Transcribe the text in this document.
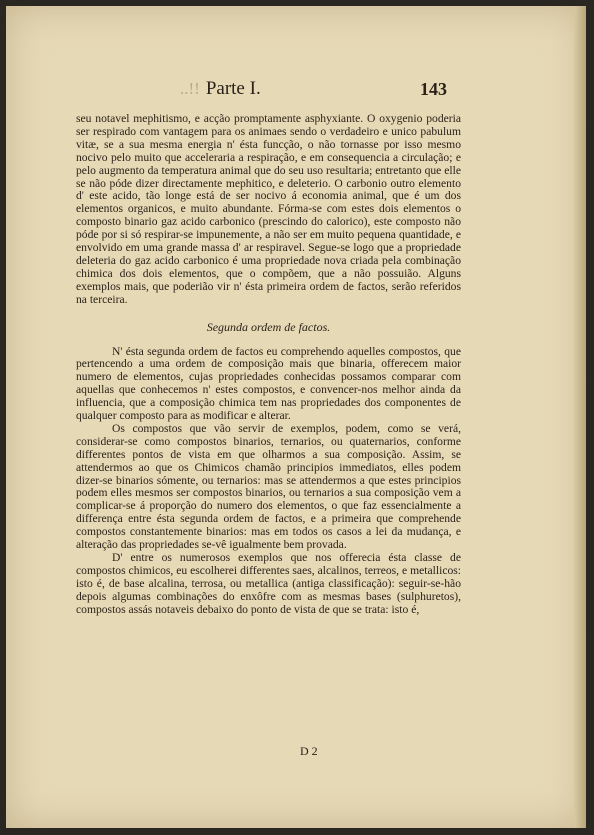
..!! Parte I.	143

seu notavel mephitismo, e acção promptamente asphyxiante. O oxygenio poderia ser respirado com vantagem para os animaes sendo o verdadeiro e unico pabulum vitæ, se a sua mesma energia n' ésta funcção, o não tornasse por isso mesmo nocivo pelo muito que acceleraria a respiração, e em consequencia a circulação; e pelo augmento da temperatura animal que do seu uso resultaria; entretanto que elle se não póde dizer directamente mephitico, e deleterio. O carbonio outro elemento d' este acido, tão longe está de ser nocivo á economia animal, que é um dos elementos organicos, e muito abundante. Fórma-se com estes dois elementos o composto binario gaz acido carbonico (prescindo do calorico), este composto não póde por si só respirar-se impunemente, a não ser em muito pequena quantidade, e envolvido em uma grande massa d' ar respiravel. Segue-se logo que a propriedade deleteria do gaz acido carbonico é uma propriedade nova criada pela combinação chimica dos dois elementos, que o compõem, que a não possuião. Alguns exemplos mais, que poderião vir n' ésta primeira ordem de factos, serão referidos na terceira.

Segunda ordem de factos.

N' ésta segunda ordem de factos eu comprehendo aquelles compostos, que pertencendo a uma ordem de composição mais que binaria, offerecem maior numero de elementos, cujas propriedades conhecidas possamos comparar com aquellas que conhecemos n' estes compostos, e convencer-nos melhor ainda da influencia, que a composição chimica tem nas propriedades dos componentes de qualquer composto para as modificar e alterar.

Os compostos que vão servir de exemplos, podem, como se verá, considerar-se como compostos binarios, ternarios, ou quaternarios, conforme differentes pontos de vista em que olharmos a sua composição. Assim, se attendermos ao que os Chimicos chamão principios immediatos, elles podem dizer-se binarios sómente, ou ternarios: mas se attendermos a que estes principios podem elles mesmos ser compostos binarios, ou ternarios a sua composição vem a complicar-se á proporção do numero dos elementos, o que faz essencialmente a differença entre ésta segunda ordem de factos, e a primeira que comprehende compostos constantemente binarios: mas em todos os casos a lei da mudança, e alteração das propriedades se-vê igualmente bem provada.

D' entre os numerosos exemplos que nos offerecia ésta classe de compostos chimicos, eu escolherei differentes saes, alcalinos, terreos, e metallicos: isto é, de base alcalina, terrosa, ou metallica (antiga classificação): seguir-se-hão depois algumas combinações do enxôfre com as mesmas bases (sulphuretos), compostos assás notaveis debaixo do ponto de vista de que se trata: isto é,

D 2
